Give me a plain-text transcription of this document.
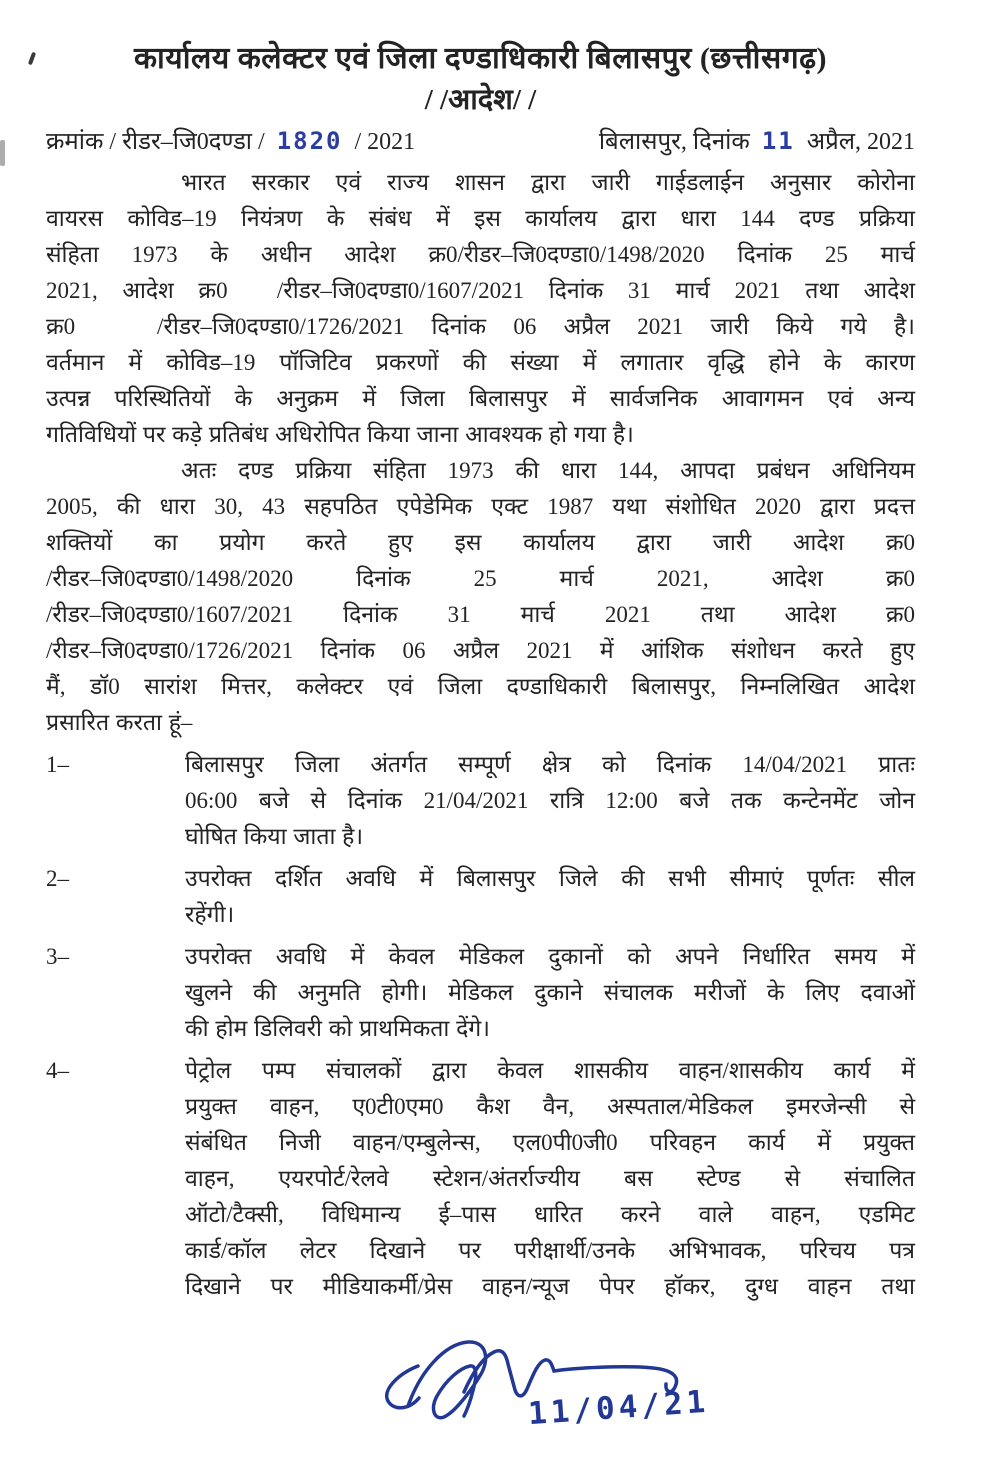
कार्यालय कलेक्टर एवं जिला दण्डाधिकारी बिलासपुर (छत्तीसगढ़)
/ /आदेश/ /
क्रमांक / रीडर–जि0दण्डा / 1820 / 2021	बिलासपुर, दिनांक 11 अप्रैल, 2021
भारत सरकार एवं राज्य शासन द्वारा जारी गाईडलाईन अनुसार कोरोना
वायरस कोविड–19 नियंत्रण के संबंध में इस कार्यालय द्वारा धारा 144 दण्ड प्रक्रिया
संहिता 1973 के अधीन आदेश क्र0/रीडर–जि0दण्डा0/1498/2020 दिनांक 25 मार्च
2021, आदेश क्र0  /रीडर–जि0दण्डा0/1607/2021 दिनांक 31 मार्च 2021 तथा आदेश
क्र0   /रीडर–जि0दण्डा0/1726/2021 दिनांक 06 अप्रैल 2021 जारी किये गये है।
वर्तमान में कोविड–19 पॉजिटिव प्रकरणों की संख्या में लगातार वृद्धि होने के कारण
उत्पन्न परिस्थितियों के अनुक्रम में जिला बिलासपुर में सार्वजनिक आवागमन एवं अन्य
गतिविधियों पर कड़े प्रतिबंध अधिरोपित किया जाना आवश्यक हो गया है।
अतः दण्ड प्रक्रिया संहिता 1973 की धारा 144, आपदा प्रबंधन अधिनियम
2005, की धारा 30, 43 सहपठित एपेडेमिक एक्ट 1987 यथा संशोधित 2020 द्वारा प्रदत्त
शक्तियों का प्रयोग करते हुए इस कार्यालय द्वारा जारी आदेश क्र0
/रीडर–जि0दण्डा0/1498/2020 दिनांक 25 मार्च 2021, आदेश क्र0
/रीडर–जि0दण्डा0/1607/2021 दिनांक 31 मार्च 2021 तथा आदेश क्र0
/रीडर–जि0दण्डा0/1726/2021 दिनांक 06 अप्रैल 2021 में आंशिक संशोधन करते हुए
मैं, डॉ0 सारांश मित्तर, कलेक्टर एवं जिला दण्डाधिकारी बिलासपुर, निम्नलिखित आदेश
प्रसारित करता हूं–
1–	बिलासपुर जिला अंतर्गत सम्पूर्ण क्षेत्र को दिनांक 14/04/2021 प्रातः
06:00 बजे से दिनांक 21/04/2021 रात्रि 12:00 बजे तक कन्टेनमेंट जोन
घोषित किया जाता है।
2–	उपरोक्त दर्शित अवधि में बिलासपुर जिले की सभी सीमाएं पूर्णतः सील
रहेंगी।
3–	उपरोक्त अवधि में केवल मेडिकल दुकानों को अपने निर्धारित समय में
खुलने की अनुमति होगी। मेडिकल दुकाने संचालक मरीजों के लिए दवाओं
की होम डिलिवरी को प्राथमिकता देंगे।
4–	पेट्रोल पम्प संचालकों द्वारा केवल शासकीय वाहन/शासकीय कार्य में
प्रयुक्त वाहन, ए0टी0एम0 कैश वैन, अस्पताल/मेडिकल इमरजेन्सी से
संबंधित निजी वाहन/एम्बुलेन्स, एल0पी0जी0 परिवहन कार्य में प्रयुक्त
वाहन, एयरपोर्ट/रेलवे स्टेशन/अंतर्राज्यीय बस स्टेण्ड से संचालित
ऑटो/टैक्सी, विधिमान्य ई–पास धारित करने वाले वाहन, एडमिट
कार्ड/कॉल लेटर दिखाने पर परीक्षार्थी/उनके अभिभावक, परिचय पत्र
दिखाने पर मीडियाकर्मी/प्रेस वाहन/न्यूज पेपर हॉकर, दुग्ध वाहन तथा
11/04/21
